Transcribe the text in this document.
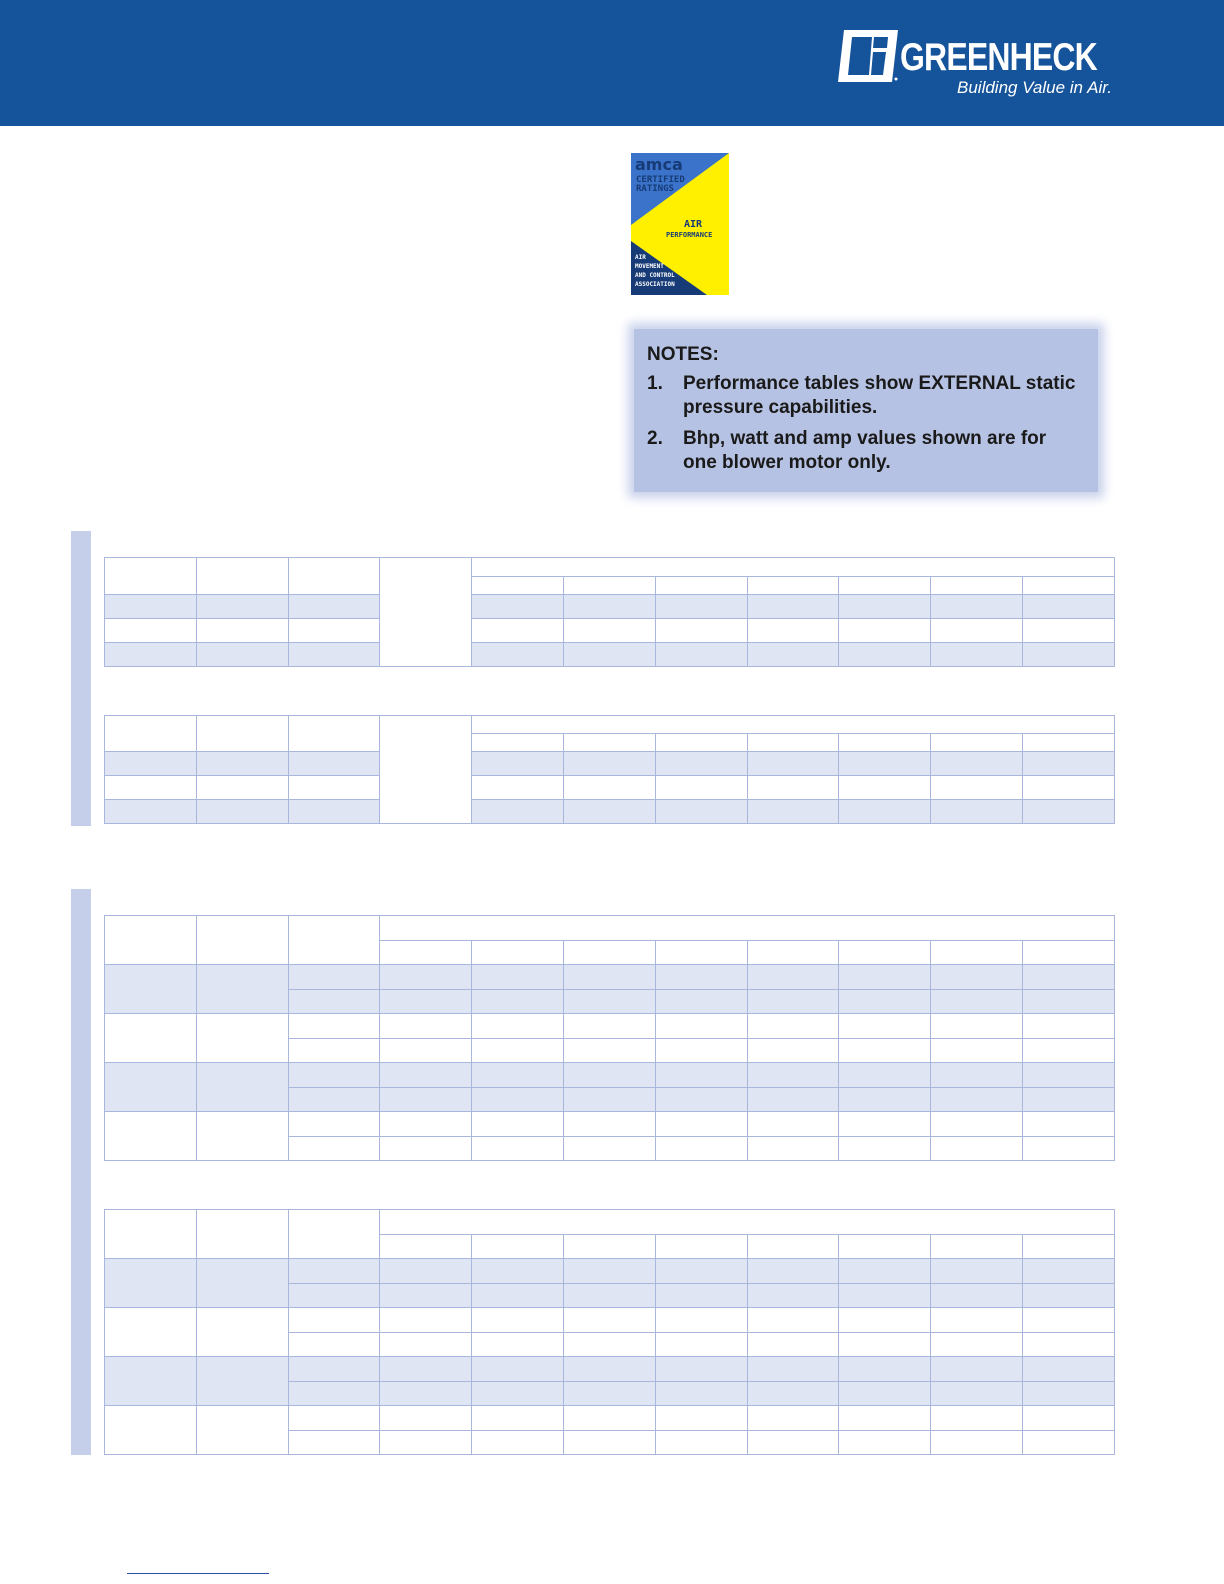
GREENHECK
Building Value in Air.
amca
CERTIFIED
RATINGS
AIR
PERFORMANCE
AIR
MOVEMENT
AND CONTROL
ASSOCIATION
NOTES:
1.	Performance tables show EXTERNAL static pressure capabilities.
2.	Bhp, watt and amp values shown are for one blower motor only.
